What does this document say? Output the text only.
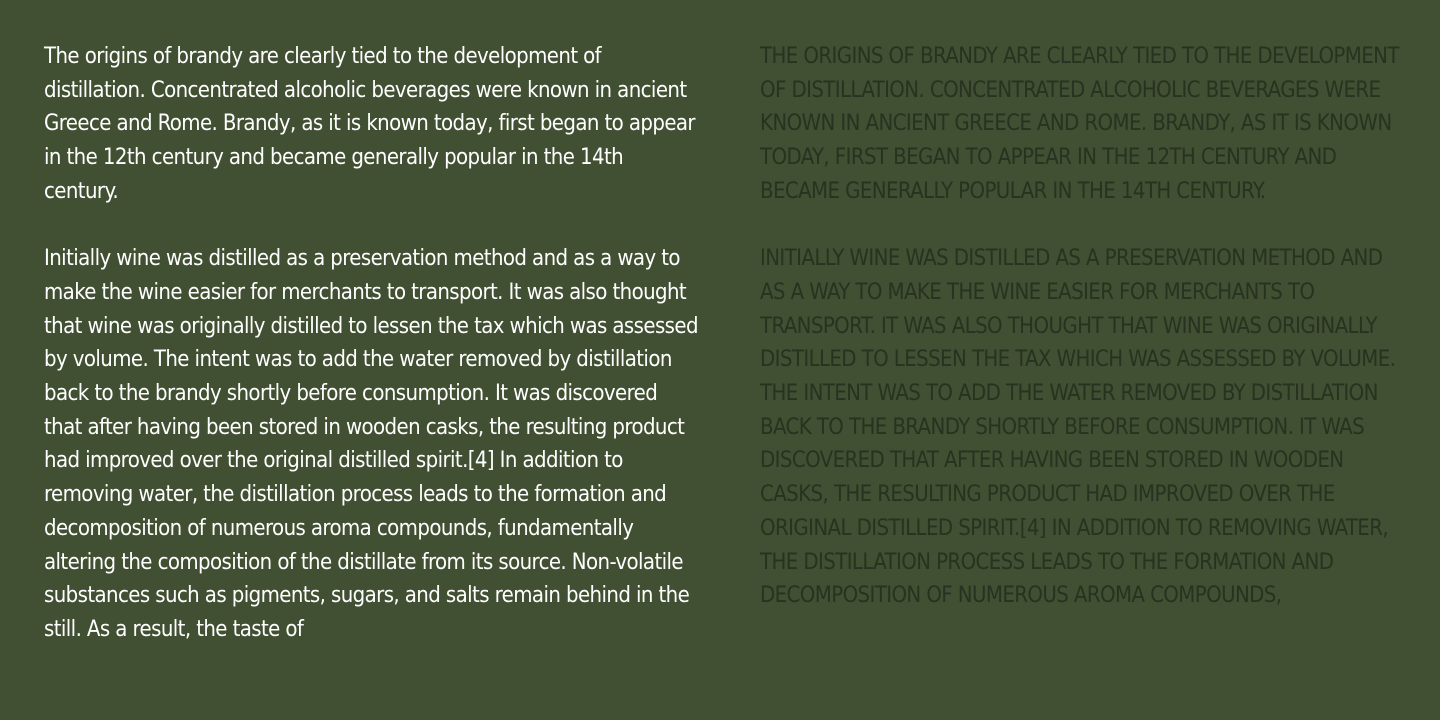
The origins of brandy are clearly tied to the development of distillation. Concentrated alcoholic beverages were known in ancient Greece and Rome. Brandy, as it is known today, first began to appear in the 12th century and became generally popular in the 14th century.

Initially wine was distilled as a preservation method and as a way to make the wine easier for merchants to transport. It was also thought that wine was originally distilled to lessen the tax which was assessed by volume. The intent was to add the water removed by distillation back to the brandy shortly before consumption. It was discovered that after having been stored in wooden casks, the resulting product had improved over the original distilled spirit.[4] In addition to removing water, the distillation process leads to the formation and decomposition of numerous aroma compounds, fundamentally altering the composition of the distillate from its source. Non-volatile substances such as pigments, sugars, and salts remain behind in the still. As a result, the taste of

THE ORIGINS OF BRANDY ARE CLEARLY TIED TO THE DEVELOPMENT OF DISTILLATION. CONCENTRATED ALCOHOLIC BEVERAGES WERE KNOWN IN ANCIENT GREECE AND ROME. BRANDY, AS IT IS KNOWN TODAY, FIRST BEGAN TO APPEAR IN THE 12TH CENTURY AND BECAME GENERALLY POPULAR IN THE 14TH CENTURY.

INITIALLY WINE WAS DISTILLED AS A PRESERVATION METHOD AND AS A WAY TO MAKE THE WINE EASIER FOR MERCHANTS TO TRANSPORT. IT WAS ALSO THOUGHT THAT WINE WAS ORIGINALLY DISTILLED TO LESSEN THE TAX WHICH WAS ASSESSED BY VOLUME. THE INTENT WAS TO ADD THE WATER REMOVED BY DISTILLATION BACK TO THE BRANDY SHORTLY BEFORE CONSUMPTION. IT WAS DISCOVERED THAT AFTER HAVING BEEN STORED IN WOODEN CASKS, THE RESULTING PRODUCT HAD IMPROVED OVER THE ORIGINAL DISTILLED SPIRIT.[4] IN ADDITION TO REMOVING WATER, THE DISTILLATION PROCESS LEADS TO THE FORMATION AND DECOMPOSITION OF NUMEROUS AROMA COMPOUNDS,
